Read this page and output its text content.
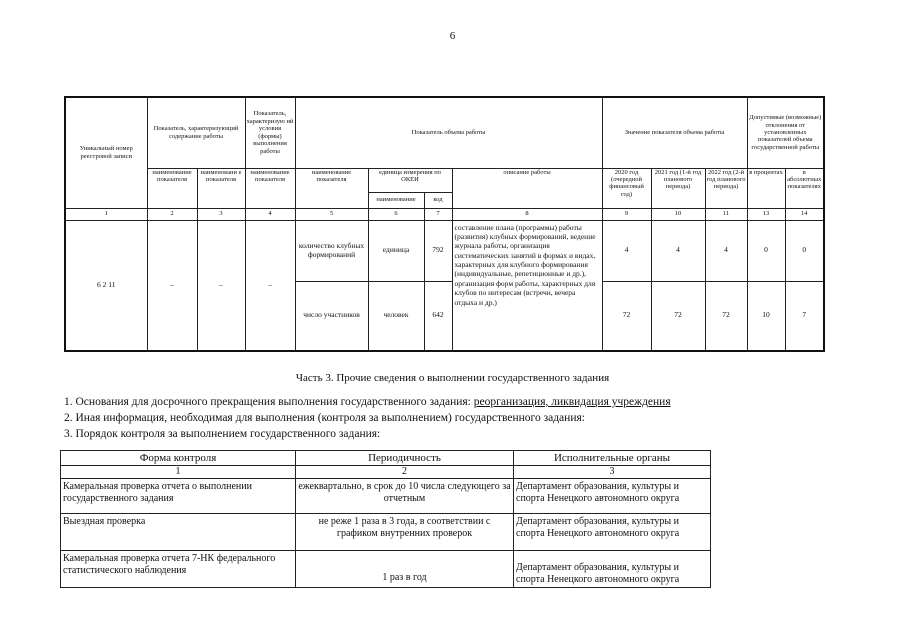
6
Уникальный номер реестровой записи	Показатель, характеризующий содержание работы		Показатель, характеризую ий условия (формы) выполнения работы	Показатель объема работы				Значение показателя объема работы			Допустимые (возможные) отклонения от установленных показателей объема государственной работы	
	наименование показателя	наименовани е показателя	наименование показателя	наименование показателя	единица измерения по ОКЕИ		описание работы	2020 год (очередной финансовый год)	2021 год (1-й год планового периода)	2022 год (2-й год планового периода)	в процентах	в абсолютных показателях
					наименование	код						
1	2	3	4	5	6	7	8	9	10	11	13	14
6 2 11	–	–	–	количество клубных формирований	единица	792	составление плана (программы) работы (развития) клубных формирований, ведение журнала работы, организация систематических занятий в формах и видах, характерных для клубного формирования (индивидуальные, репетиционные и др.), организация форм работы, характерных для клубов по интересам (встречи, вечера отдыха и др.)	4	4	4	0	0
				число участников	человек	642		72	72	72	10	7
Часть 3. Прочие сведения о выполнении государственного задания
1. Основания для досрочного прекращения выполнения государственного задания: реорганизация, ликвидация учреждения
2. Иная информация, необходимая для выполнения (контроля за выполнением) государственного задания:
3. Порядок контроля за выполнением государственного задания:
Форма контроля	Периодичность	Исполнительные органы
1	2	3
Камеральная проверка отчета о выполнении государственного задания	ежеквартально, в срок до 10 числа следующего за отчетным	Департамент образования, культуры и спорта Ненецкого автономного округа
Выездная проверка	не реже 1 раза в 3 года, в соответствии с графиком внутренних проверок	Департамент образования, культуры и спорта Ненецкого автономного округа
Камеральная проверка отчета 7-НК федерального статистического наблюдения	1 раз в год	Департамент образования, культуры и спорта Ненецкого автономного округа
